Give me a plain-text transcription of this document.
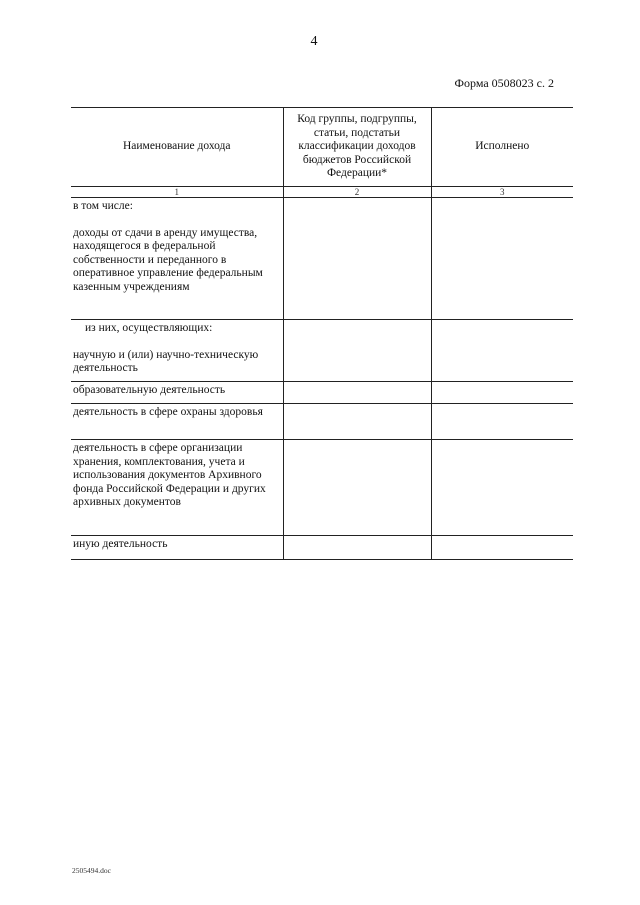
4
Форма 0508023 с. 2
Наименование дохода	Код группы, подгруппы, статьи, подстатьи классификации доходов бюджетов Российской Федерации*	Исполнено
1	2	3

в том числе:
доходы от сдачи в аренду имущества, находящегося в федеральной собственности и переданного в оперативное управление федеральным казенным учреждениям		

из них, осуществляющих:
научную и (или) научно-техническую деятельность		

образовательную деятельность		

деятельность в сфере охраны здоровья		

деятельность в сфере организации хранения, комплектования, учета и использования документов Архивного фонда Российской Федерации и других архивных документов		

иную деятельность		

2505494.doc
